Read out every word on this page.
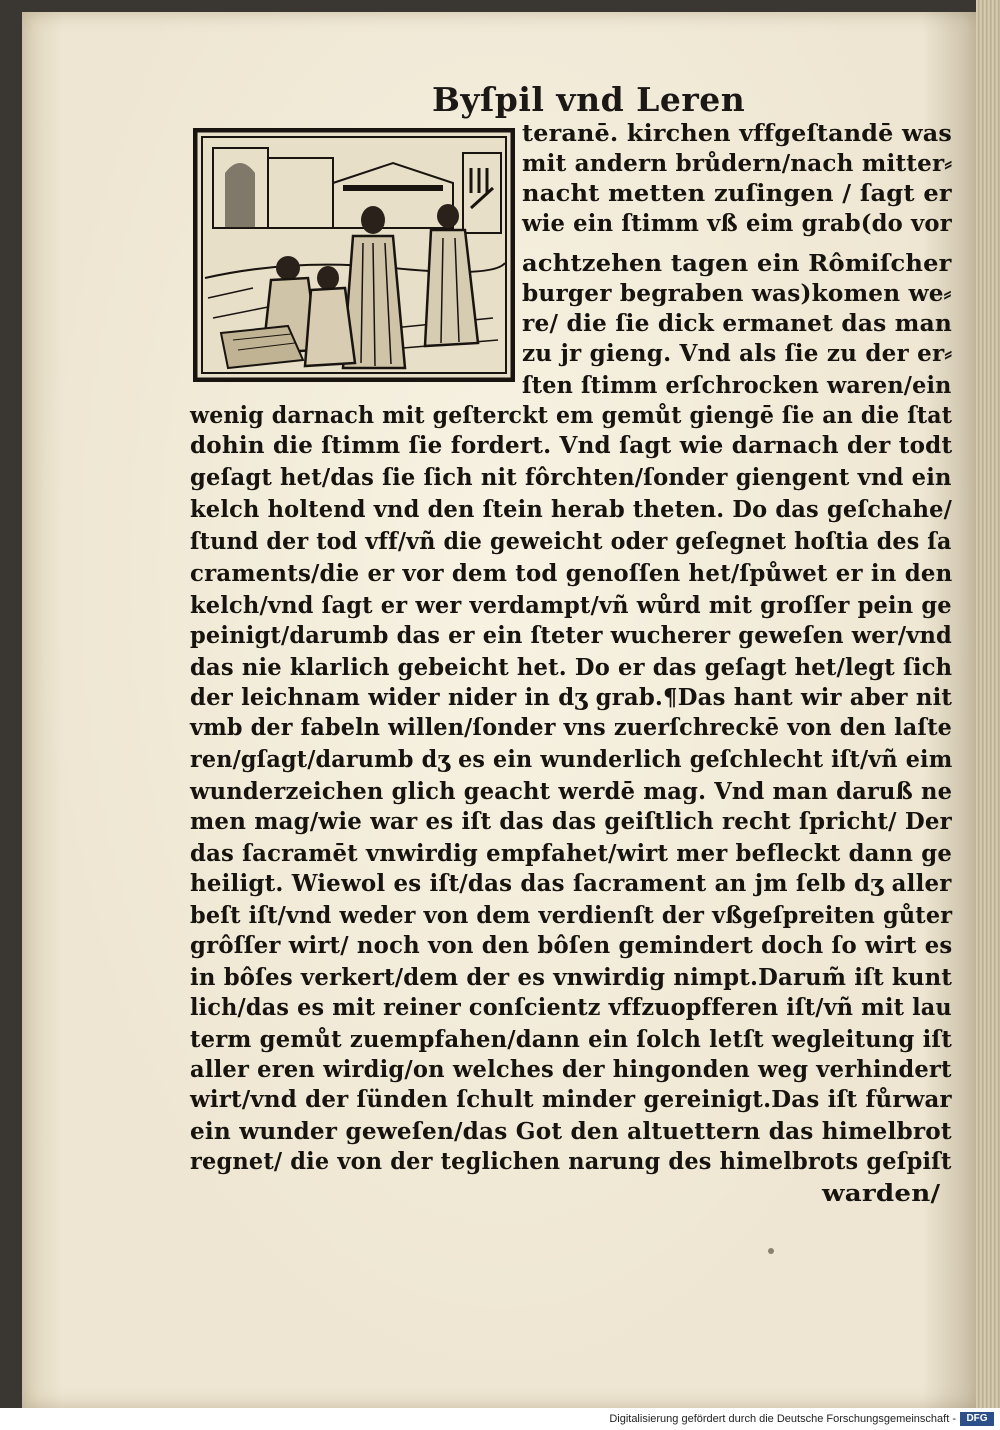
Byſpil vnd Leren
teranē. kirchen vffgeſtandē was
mit andern brůdern/nach mitter⸗
nacht metten zuſingen / ſagt er
wie ein ſtimm vß eim grab(do vor
achtzehen tagen ein Rômiſcher
burger begraben was)komen we⸗
re/ die ſie dick ermanet das man
zu jr gieng. Vnd als ſie zu der er⸗
ſten ſtimm erſchrocken waren/ein
wenig darnach mit geſterckt em gemůt giengē ſie an die ſtat
dohin die ſtimm ſie fordert. Vnd ſagt wie darnach der todt
geſagt het/das ſie ſich nit fôrchten/ſonder giengent vnd ein
kelch holtend vnd den ſtein herab theten. Do das geſchahe/
ſtund der tod vff/vñ die geweicht oder geſegnet hoſtia des ſa
craments/die er vor dem tod genoſſen het/ſpůwet er in den
kelch/vnd ſagt er wer verdampt/vñ wůrd mit groſſer pein ge
peinigt/darumb das er ein ſteter wucherer geweſen wer/vnd
das nie klarlich gebeicht het. Do er das geſagt het/legt ſich
der leichnam wider nider in dʒ grab.¶Das hant wir aber nit
vmb der fabeln willen/ſonder vns zuerſchreckē von den laſte
ren/gſagt/darumb dʒ es ein wunderlich geſchlecht iſt/vñ eim
wunderzeichen glich geacht werdē mag. Vnd man daruß ne
men mag/wie war es iſt das das geiſtlich recht ſpricht/ Der
das ſacramēt vnwirdig empfahet/wirt mer befleckt dann ge
heiligt. Wiewol es iſt/das das ſacrament an jm ſelb dʒ aller
beſt iſt/vnd weder von dem verdienſt der vßgeſpreiten gůter
grôſſer wirt/ noch von den bôſen gemindert doch ſo wirt es
in bôſes verkert/dem der es vnwirdig nimpt.Darum̃ iſt kunt
lich/das es mit reiner conſcientz vffzuopfferen iſt/vñ mit lau
term gemůt zuempfahen/dann ein ſolch letſt wegleitung iſt
aller eren wirdig/on welches der hingonden weg verhindert
wirt/vnd der ſünden ſchult minder gereinigt.Das iſt fůrwar
ein wunder geweſen/das Got den altuettern das himelbrot
regnet/ die von der teglichen narung des himelbrots geſpiſt
warden/
Digitalisierung gefördert durch die Deutsche Forschungsgemeinschaft -	DFG
